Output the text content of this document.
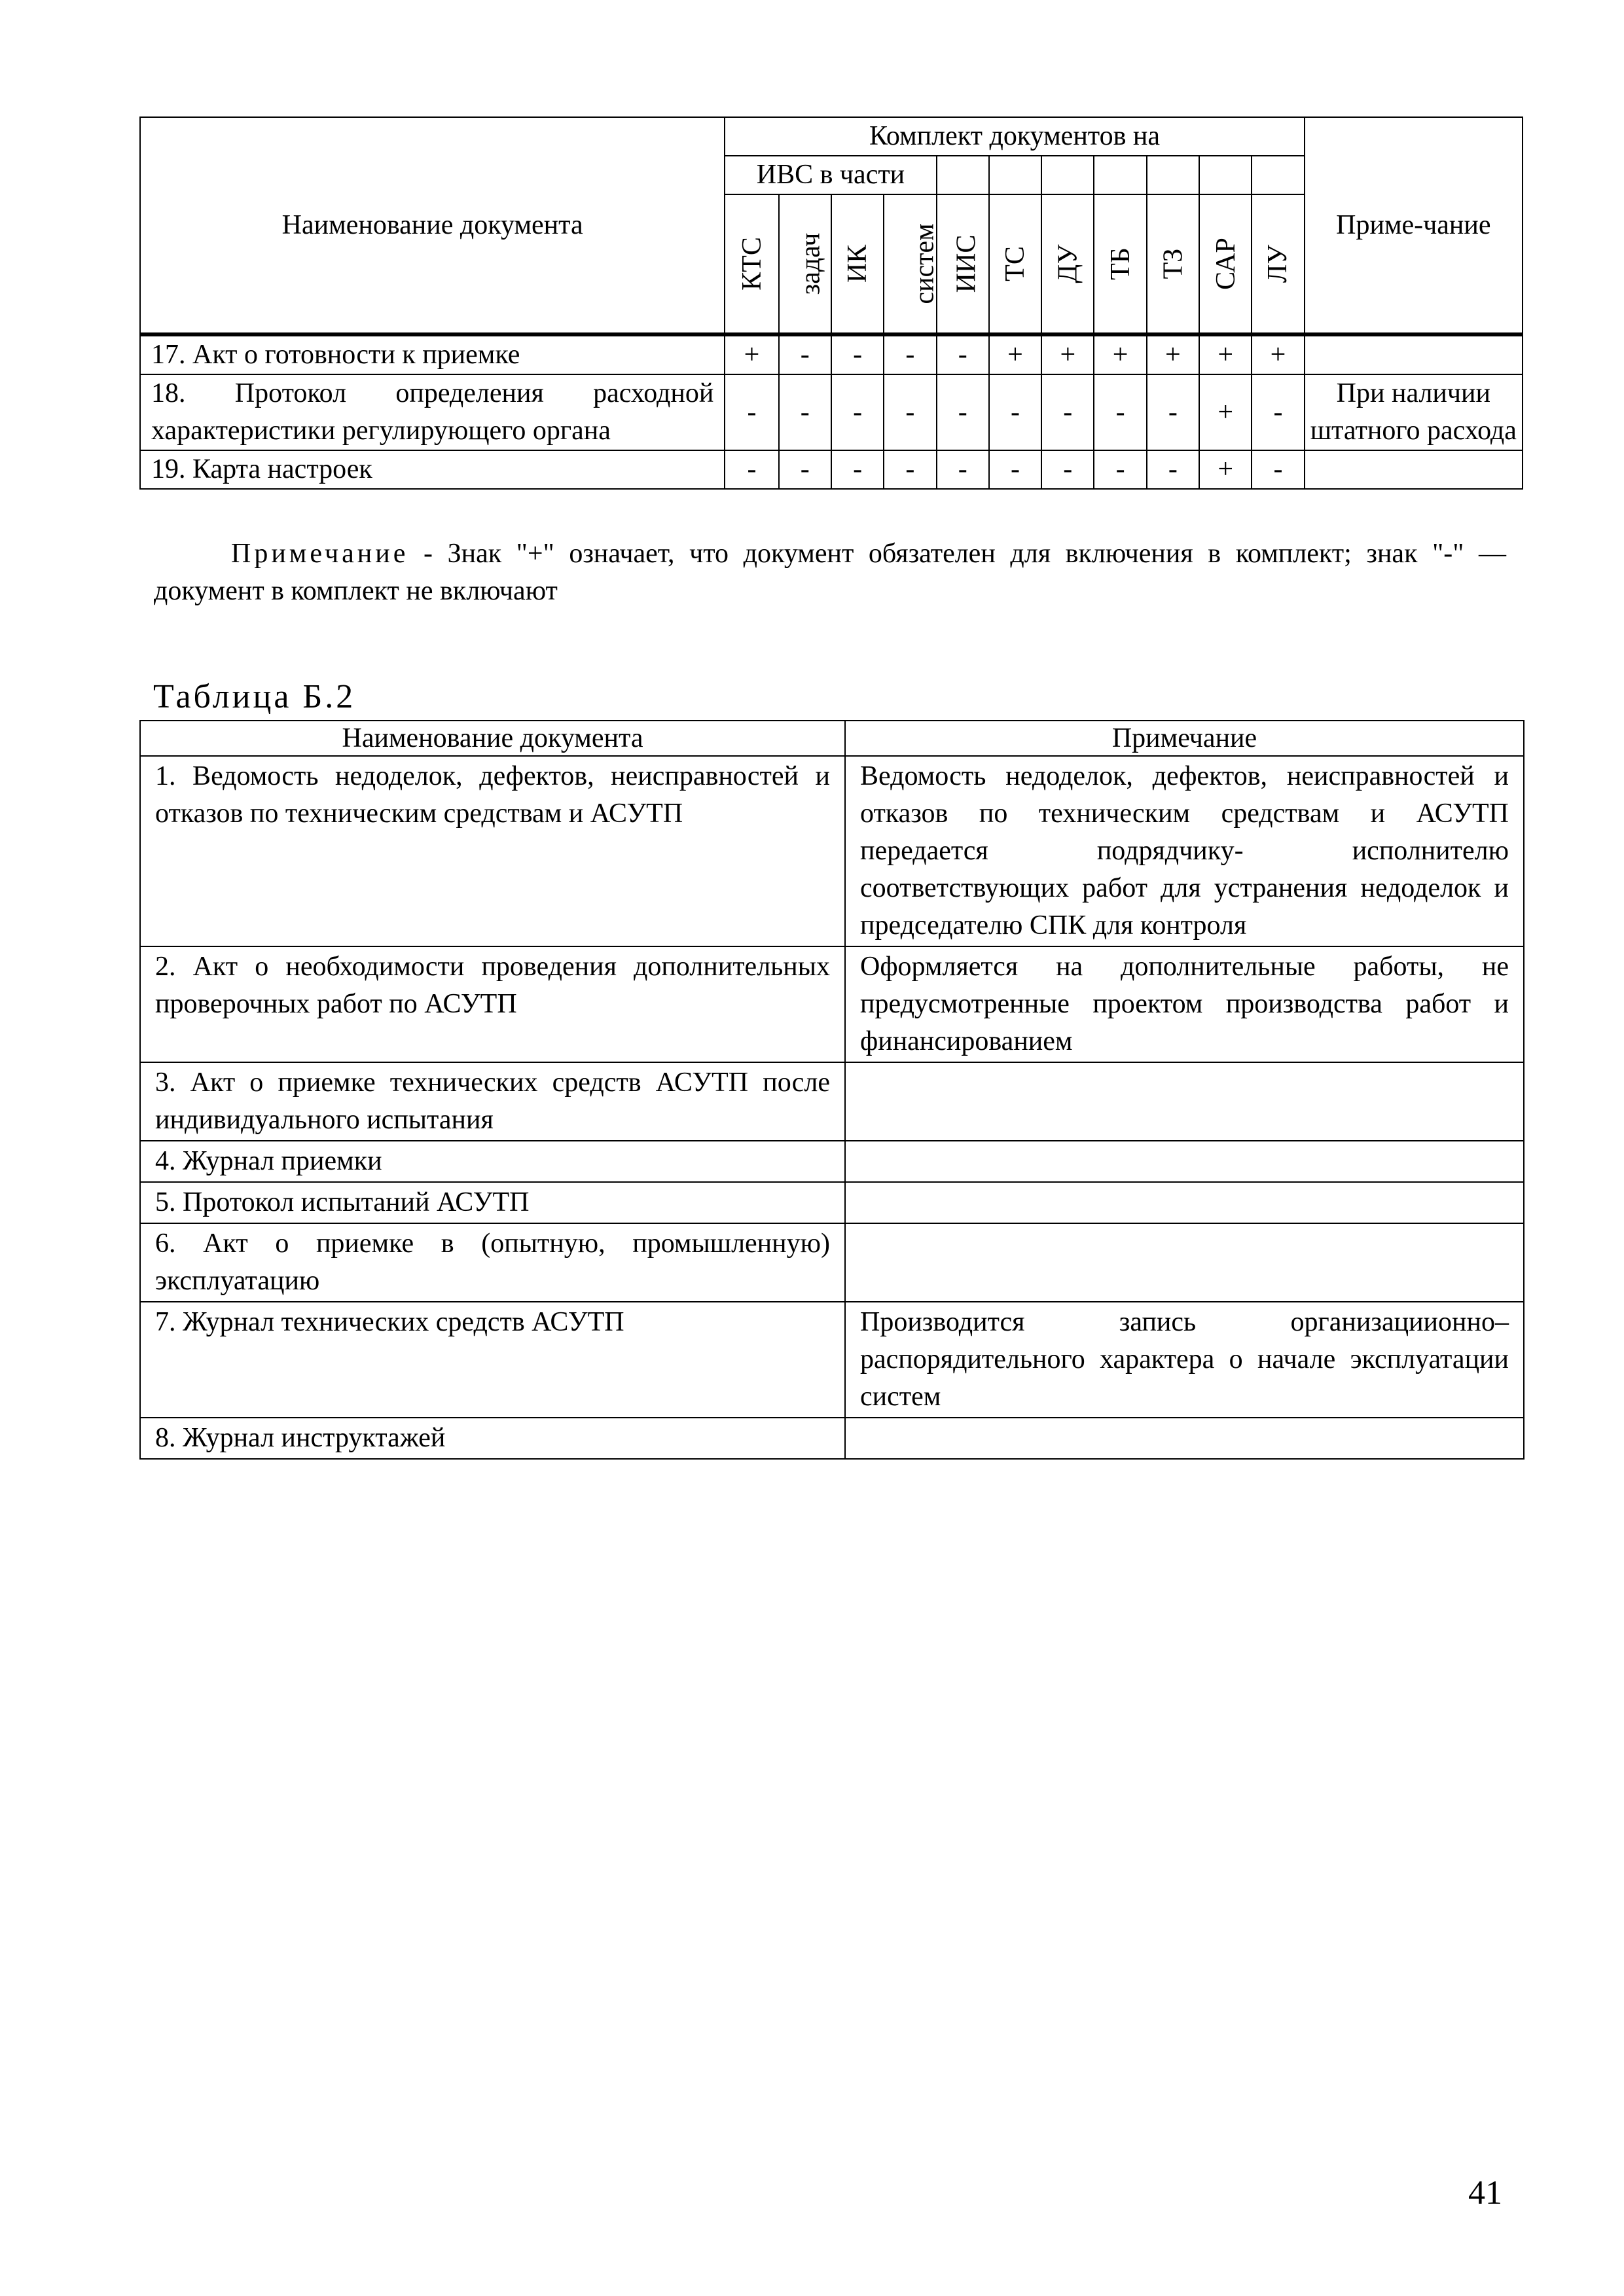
Наименование документа	Комплект документов на											Приме-чание
	ИВС в части											
	КТС	задач	ИК	систем	ИИС	ТС	ДУ	ТБ	ТЗ	САР	ЛУ	
17. Акт о готовности к приемке	+	-	-	-	-	+	+	+	+	+	+	
18. Протокол определения расходной характеристики регулирующего органа	-	-	-	-	-	-	-	-	-	+	-	При наличии штатного расхода
19. Карта настроек	-	-	-	-	-	-	-	-	-	+	-	
Примечание - Знак "+" означает, что документ обязателен для включения в комплект; знак "-" — документ в комплект не включают
Таблица Б.2
Наименование документа	Примечание
1. Ведомость недоделок, дефектов, неисправностей и отказов по техническим средствам и АСУТП	Ведомость недоделок, дефектов, неисправностей и отказов по техническим средствам и АСУТП передается подрядчику- исполнителю соответствующих работ для устранения недоделок и председателю СПК для контроля
2. Акт о необходимости проведения дополнительных проверочных работ по АСУТП	Оформляется на дополнительные работы, не предусмотренные проектом производства работ и финансированием
3. Акт о приемке технических средств АСУТП после индивидуального испытания	
4. Журнал приемки	
5. Протокол испытаний АСУТП	
6. Акт о приемке в (опытную, промышленную) эксплуатацию	
7. Журнал технических средств АСУТП	Производится запись организациионно–распорядительного характера о начале эксплуатации систем
8. Журнал инструктажей	
41
